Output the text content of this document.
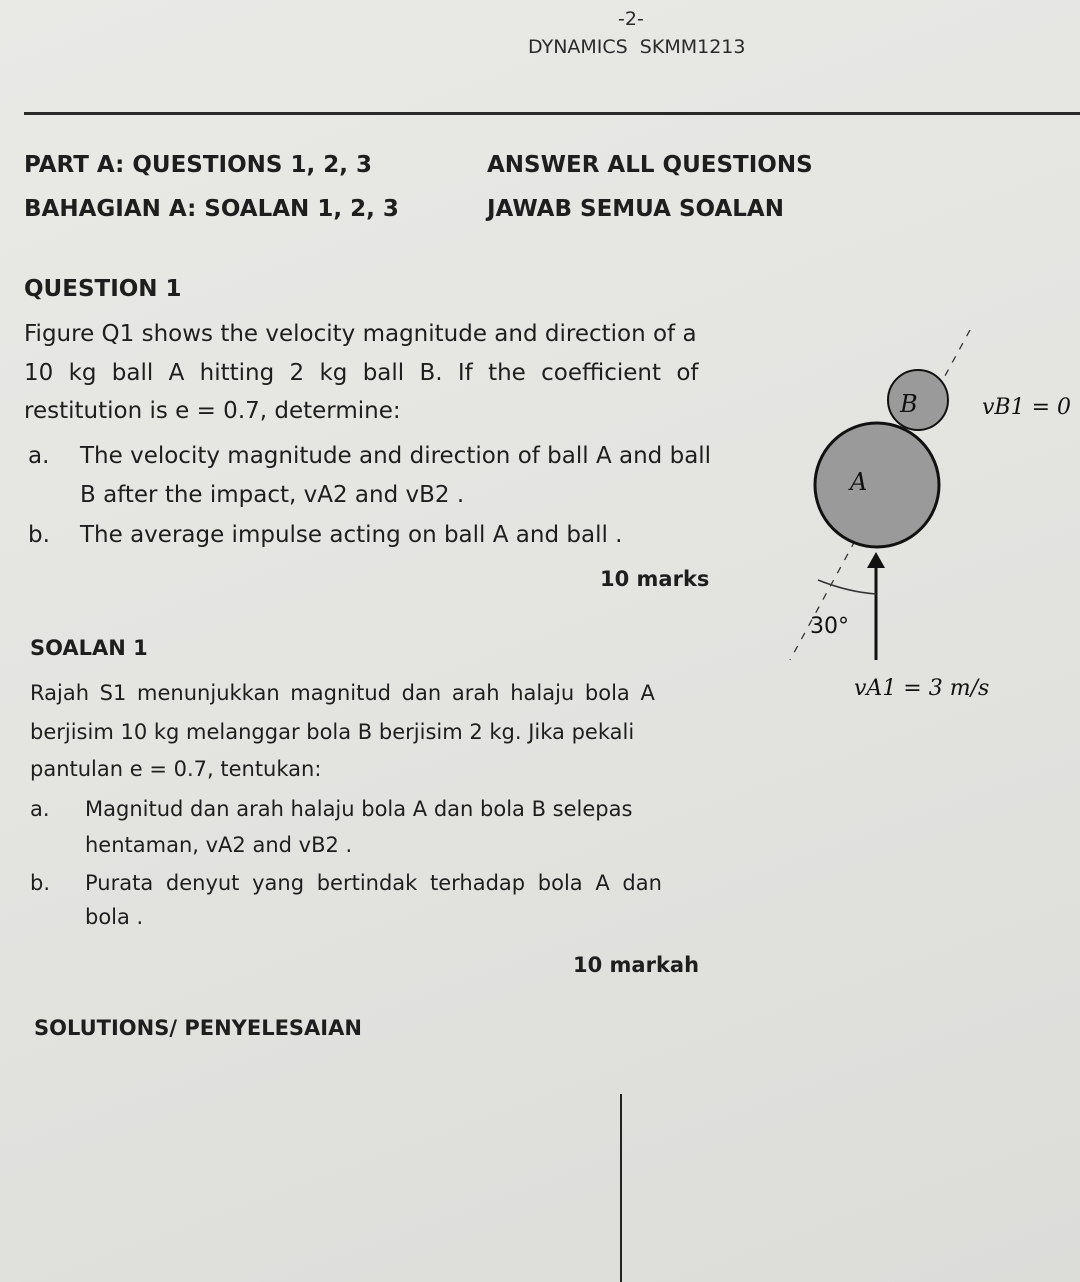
-2-
DYNAMICS  SKMM1213
PART A: QUESTIONS 1, 2, 3	ANSWER ALL QUESTIONS
BAHAGIAN A: SOALAN 1, 2, 3	JAWAB SEMUA SOALAN
QUESTION 1
Figure Q1 shows the velocity magnitude and direction of a
10 kg ball A hitting 2 kg ball B. If the coefficient of
restitution is e = 0.7, determine:
a. The velocity magnitude and direction of ball A and ball
B after the impact, vA2 and vB2 .
b. The average impulse acting on ball A and ball .
10 marks
SOALAN 1
Rajah S1 menunjukkan magnitud dan arah halaju bola A
berjisim 10 kg melanggar bola B berjisim 2 kg. Jika pekali
pantulan e = 0.7, tentukan:
a. Magnitud dan arah halaju bola A dan bola B selepas
hentaman, vA2 and vB2 .
b. Purata denyut yang bertindak terhadap bola A dan
bola .
10 markah
SOLUTIONS/ PENYELESAIAN
B
A
30°
vB1 = 0
vA1 = 3 m/s
